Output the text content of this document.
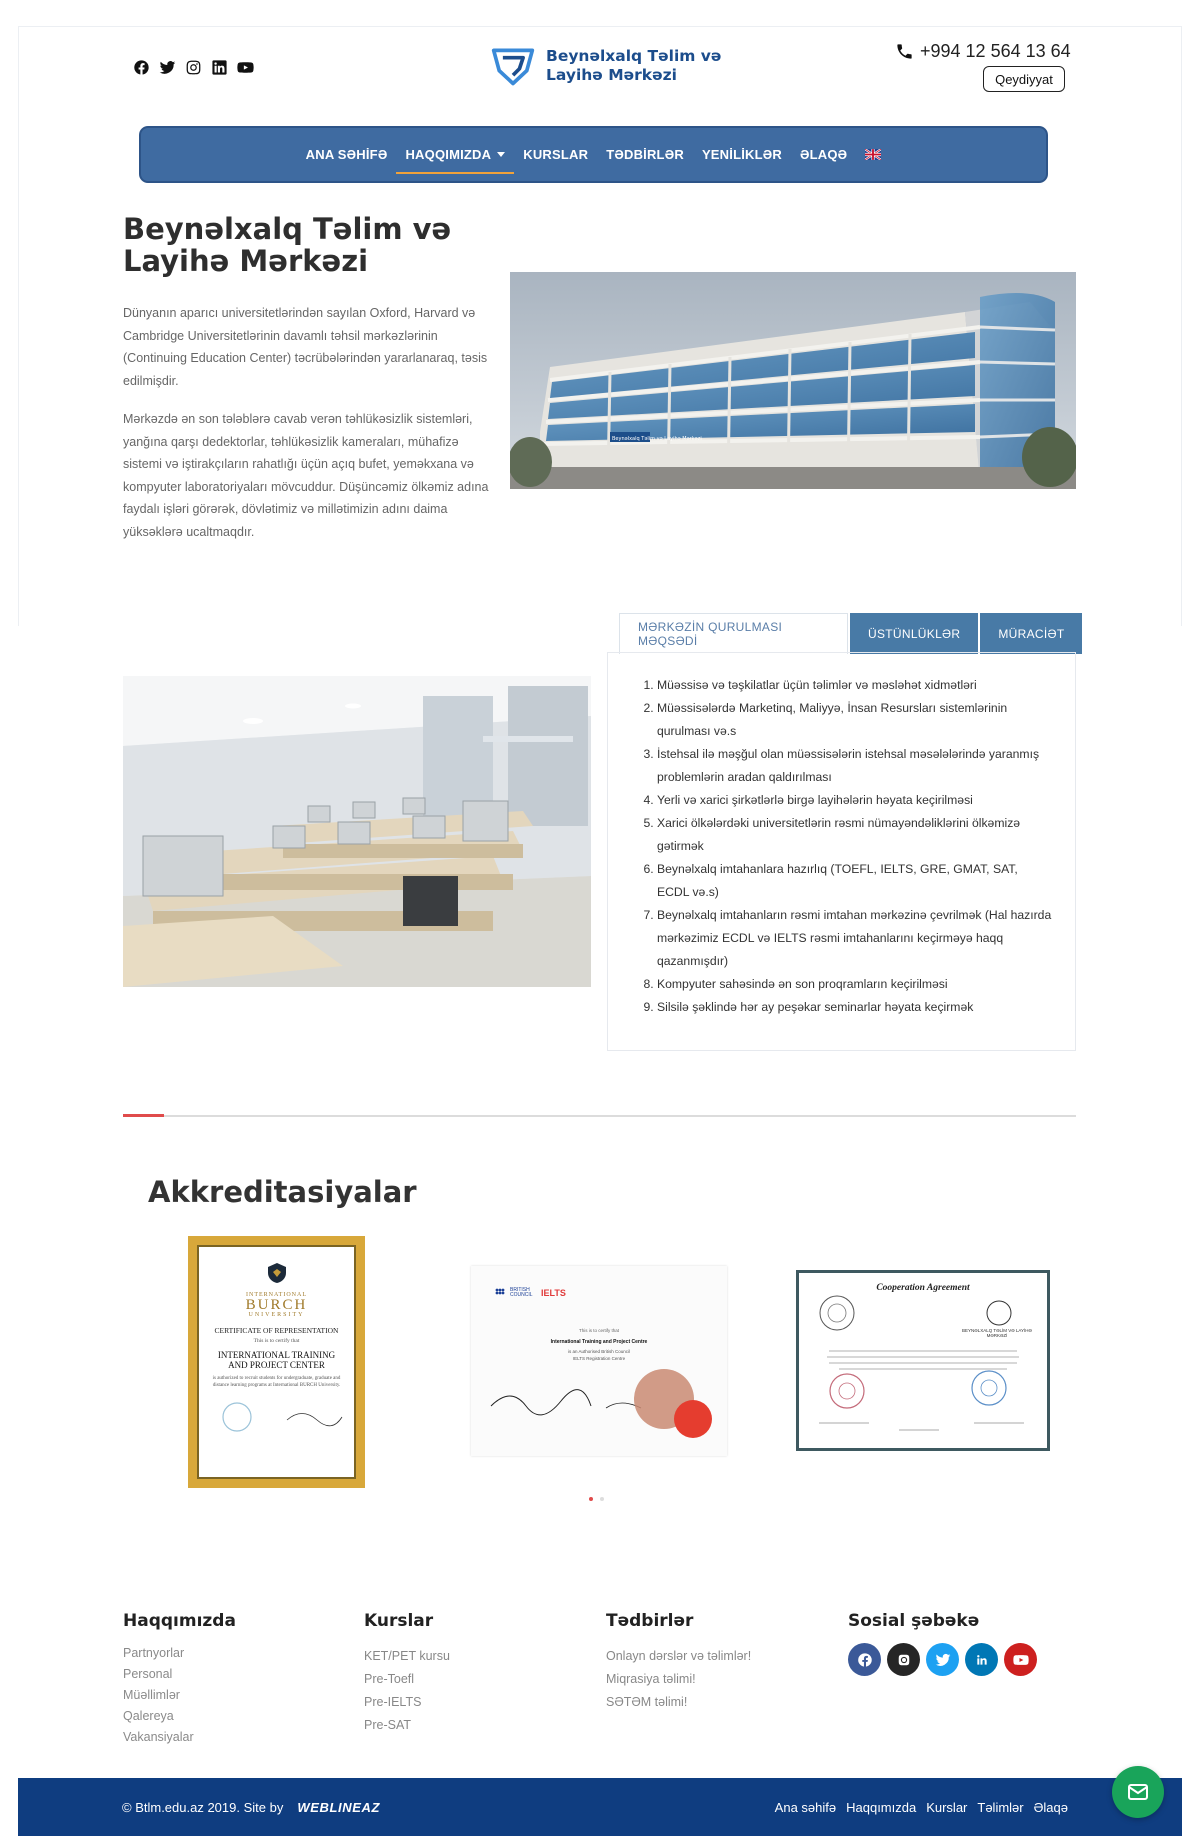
Beynəlxalq Təlim və
Layihə Mərkəzi
+994 12 564 13 64
Qeydiyyat
ANA SƏHİFƏ HAQQIMIZDA KURSLAR TƏDBİRLƏR YENİLİKLƏR ƏLAQƏ
Beynəlxalq Təlim və Layihə Mərkəzi

Dünyanın aparıcı universitetlərindən sayılan Oxford, Harvard və Cambridge Universitetlərinin davamlı təhsil mərkəzlərinin (Continuing Education Center) təcrübələrindən yararlanaraq, təsis edilmişdir.

Mərkəzdə ən son tələblərə cavab verən təhlükəsizlik sistemləri, yanğına qarşı dedektorlar, təhlükəsizlik kameraları, mühafizə sistemi və iştirakçıların rahatlığı üçün açıq bufet, yeməkxana və kompyuter laboratoriyaları mövcuddur. Düşüncəmiz ölkəmiz adına faydalı işləri görərək, dövlətimiz və millətimizin adını daima yüksəklərə ucaltmaqdır.

Beynəlxalq Təlim və Layihə Mərkəzi
MƏRKƏZİN QURULMASI MƏQSƏDİ
ÜSTÜNLÜKLƏR	MÜRACİƏT
1. Müəssisə və təşkilatlar üçün təlimlər və məsləhət xidmətləri
2. Müəssisələrdə Marketinq, Maliyyə, İnsan Resursları sistemlərinin qurulması və.s
3. İstehsal ilə məşğul olan müəssisələrin istehsal məsələlərində yaranmış problemlərin aradan qaldırılması
4. Yerli və xarici şirkətlərlə birgə layihələrin həyata keçirilməsi
5. Xarici ölkələrdəki universitetlərin rəsmi nümayəndəliklərini ölkəmizə gətirmək
6. Beynəlxalq imtahanlara hazırlıq (TOEFL, IELTS, GRE, GMAT, SAT, ECDL və.s)
7. Beynəlxalq imtahanların rəsmi imtahan mərkəzinə çevrilmək (Hal hazırda mərkəzimiz ECDL və IELTS rəsmi imtahanlarını keçirməyə haqq qazanmışdır)
8. Kompyuter sahəsində ən son proqramların keçirilməsi
9. Silsilə şəklində hər ay peşəkar seminarlar həyata keçirmək
Akkreditasiyalar
INTERNATIONAL
BURCH
UNIVERSITY
CERTIFICATE OF REPRESENTATION
This is to certify that
INTERNATIONAL TRAINING
AND PROJECT CENTER
is authorized to recruit students for undergraduate, graduate and distance learning programs at International BURCH University.
BRITISH COUNCIL IELTS
This is to certify that
International Training and Project Centre
is an Authorised British Council
IELTS Registration Centre
Cooperation Agreement
BEYNƏLXALQ TƏLİM VƏ LAYİHƏ MƏRKƏZİ
Haqqımızda
Partnyorlar
Personal
Müəllimlər
Qalereya
Vakansiyalar
Kurslar
KET/PET kursu
Pre-Toefl
Pre-IELTS
Pre-SAT
Tədbirlər
Onlayn dərslər və təlimlər!
Miqrasiya təlimi!
SƏTƏM təlimi!
Sosial şəbəkə
© Btlm.edu.az 2019. Site by WEBLINEAZ	Ana səhifə Haqqımızda Kurslar Təlimlər Əlaqə
